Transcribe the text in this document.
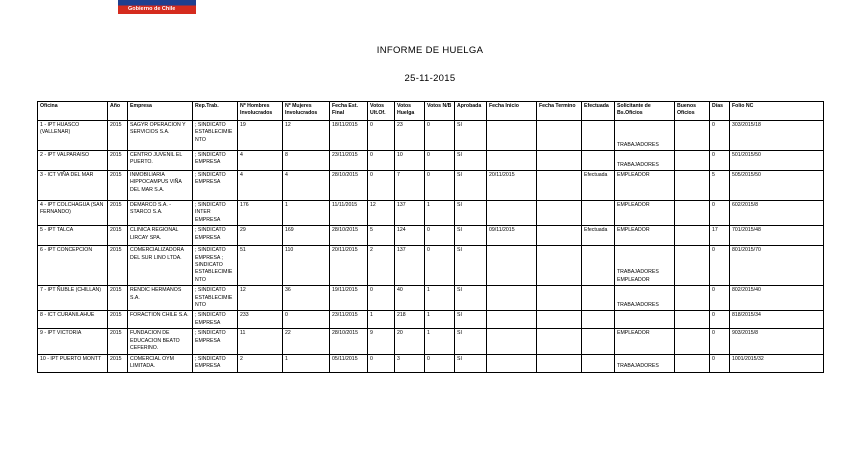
Gobierno de Chile
INFORME DE HUELGA
25-11-2015
Oficina	Año	Empresa	Rep.Trab.	Nº Hombres Involucrados	Nº Mujeres Involucrados	Fecha Est. Final	Votos Ult.Of.	Votos Huelga	Votos N/B	Aprobada	Fecha Inicio	Fecha Termino	Efectuada	Solicitante de Bs.Oficios	Buenos Oficios	Días	Folio NC
1 - IPT HUASCO (VALLENAR)	2015	SAGYR OPERACION Y SERVICIOS S.A.	; SINDICATO ESTABLECIMIENTO	19	12	18/11/2015	0	23	0	SI				TRABAJADORES		0	303/2015/18
2 - IPT VALPARAISO	2015	CENTRO JUVENIL EL PUERTO.	; SINDICATO EMPRESA	4	8	23/11/2015	0	10	0	SI				TRABAJADORES		0	501/2015/50
3 - ICT VIÑA DEL MAR	2015	INMOBILIARIA HIPPOCAMPUS VIÑA DEL MAR S.A.	; SINDICATO EMPRESA	4	4	28/10/2015	0	7	0	SI	20/11/2015		Efectuada	EMPLEADOR		5	505/2015/50
4 - IPT COLCHAGUA (SAN FERNANDO)	2015	DEMARCO S.A. - STARCO S.A.	; SINDICATO INTER EMPRESA	176	1	11/11/2015	12	137	1	SI				EMPLEADOR		0	602/2015/8
5 - IPT TALCA	2015	CLINICA REGIONAL LIRCAY SPA.	; SINDICATO EMPRESA	29	169	28/10/2015	5	124	0	SI	09/11/2015		Efectuada	EMPLEADOR		17	701/2015/48
6 - IPT CONCEPCION	2015	COMERCIALIZADORA DEL SUR LINO LTDA.	; SINDICATO EMPRESA ; SINDICATO ESTABLECIMIENTO	51	110	20/11/2015	2	137	0	SI				TRABAJADORES EMPLEADOR		0	801/2015/70
7 - IPT ÑUBLE (CHILLAN)	2015	RENDIC HERMANOS S.A.	; SINDICATO ESTABLECIMIENTO	12	36	19/11/2015	0	40	1	SI				TRABAJADORES		0	802/2015/40
8 - ICT CURANILAHUE	2015	FORACTION CHILE S.A.	; SINDICATO EMPRESA	233	0	23/11/2015	1	218	1	SI						0	818/2015/34
9 - IPT VICTORIA	2015	FUNDACION DE EDUCACION BEATO CEFERINO.	; SINDICATO EMPRESA	11	22	28/10/2015	9	20	1	SI				EMPLEADOR		0	903/2015/8
10 - IPT PUERTO MONTT	2015	COMERCIAL OYM LIMITADA.	; SINDICATO EMPRESA	2	1	05/11/2015	0	3	0	SI				TRABAJADORES		0	1001/2015/32
